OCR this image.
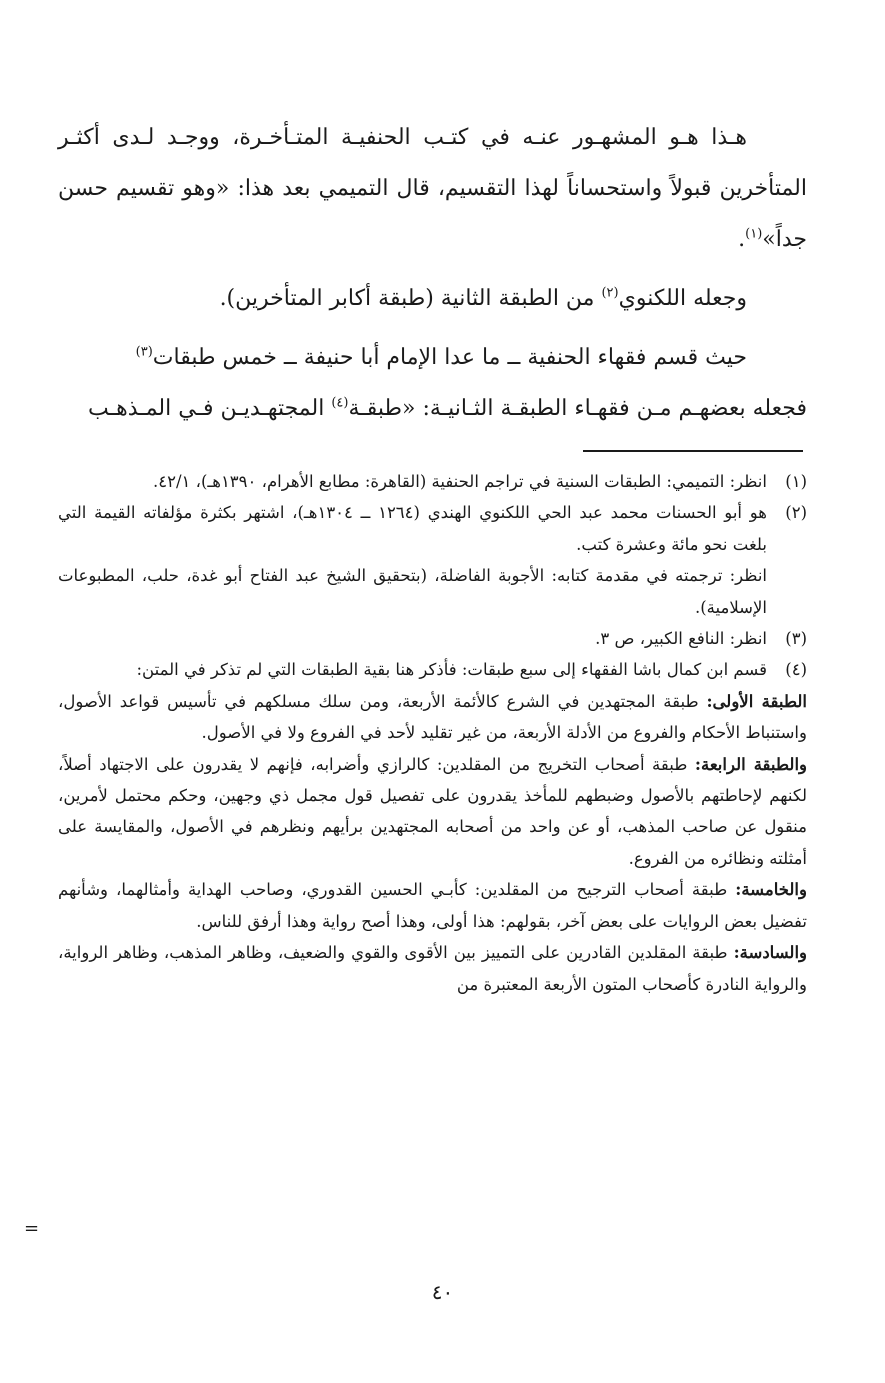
هـذا هـو المشهـور عنـه في كتـب الحنفيـة المتـأخـرة، ووجـد لـدى أكثـر المتأخرين قبولاً واستحساناً لهذا التقسيم، قال التميمي بعد هذا: «وهو تقسيم حسن جداً»$^{(١)}$.

وجعله اللكنوي$^{(٢)}$ من الطبقة الثانية (طبقة أكابر المتأخرين).

حيث قسم فقهاء الحنفية ــ ما عدا الإمام أبا حنيفة ــ خمس طبقات$^{(٣)}$

فجعله بعضهـم مـن فقهـاء الطبقـة الثـانيـة: «طبقـة$^{(٤)}$ المجتهـديـن فـي المـذهـب

(١)

انظر: التميمي: الطبقات السنية في تراجم الحنفية (القاهرة: مطابع الأهرام، ١٣٩٠هـ)، ٤٢/١.

(٢)

هو أبو الحسنات محمد عبد الحي اللكنوي الهندي (١٢٦٤ ــ ١٣٠٤هـ)، اشتهر بكثرة مؤلفاته القيمة التي بلغت نحو مائة وعشرة كتب.

انظر: ترجمته في مقدمة كتابه: الأجوبة الفاضلة، (بتحقيق الشيخ عبد الفتاح أبو غدة، حلب، المطبوعات الإسلامية).

(٣)

انظر: النافع الكبير، ص ٣.

(٤)

قسم ابن كمال باشا الفقهاء إلى سبع طبقات: فأذكر هنا بقية الطبقات التي لم تذكر في المتن:

الطبقة الأولى: طبقة المجتهدين في الشرع كالأئمة الأربعة، ومن سلك مسلكهم في تأسيس قواعد الأصول، واستنباط الأحكام والفروع من الأدلة الأربعة، من غير تقليد لأحد في الفروع ولا في الأصول.

والطبقة الرابعة: طبقة أصحاب التخريج من المقلدين: كالرازي وأضرابه، فإنهم لا يقدرون على الاجتهاد أصلاً، لكنهم لإحاطتهم بالأصول وضبطهم للمأخذ يقدرون على تفصيل قول مجمل ذي وجهين، وحكم محتمل لأمرين، منقول عن صاحب المذهب، أو عن واحد من أصحابه المجتهدين برأيهم ونظرهم في الأصول، والمقايسة على أمثلته ونظائره من الفروع.

والخامسة: طبقة أصحاب الترجيح من المقلدين: كأبـي الحسين القدوري، وصاحب الهداية وأمثالهما، وشأنهم تفضيل بعض الروايات على بعض آخر، بقولهم: هذا أولى، وهذا أصح رواية وهذا أرفق للناس.

والسادسة: طبقة المقلدين القادرين على التمييز بين الأقوى والقوي والضعيف، وظاهر المذهب، وظاهر الرواية، والرواية النادرة كأصحاب المتون الأربعة المعتبرة من

=
٤٠
